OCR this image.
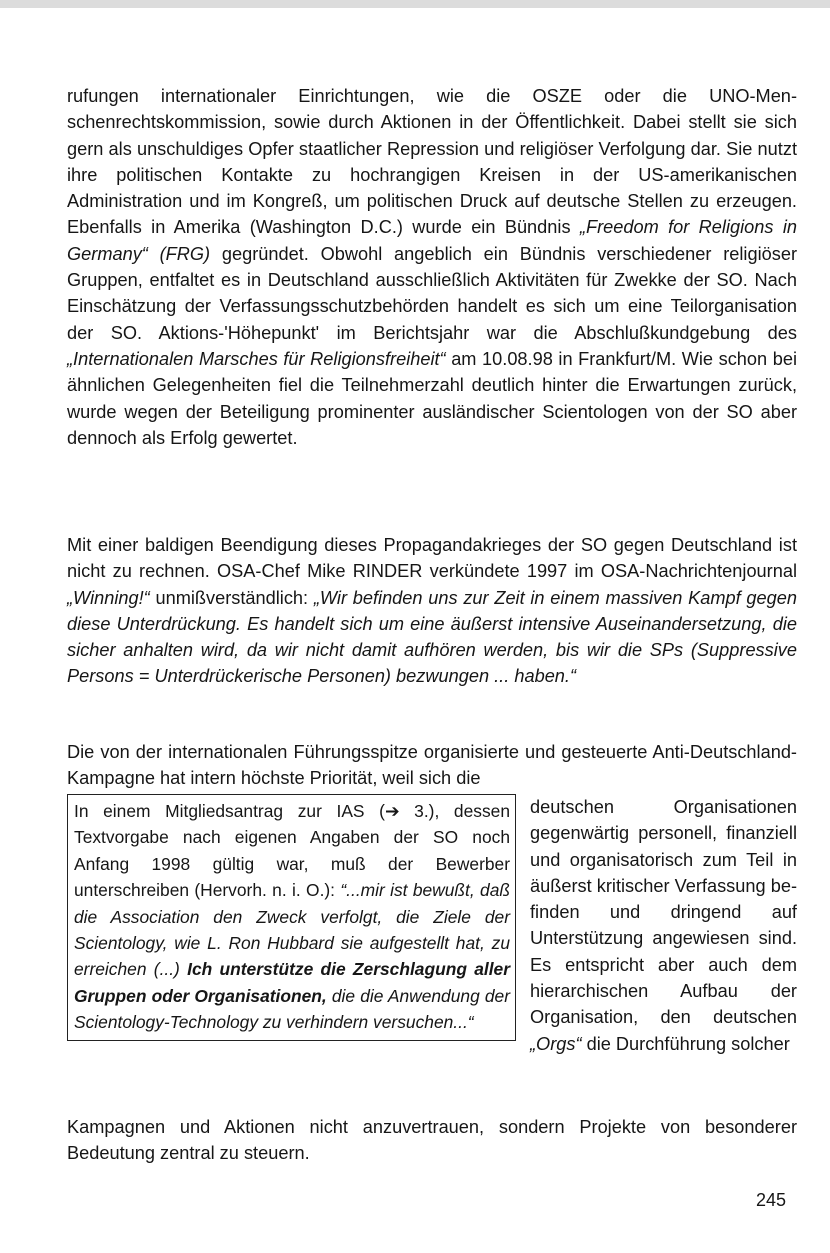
rufungen internationaler Einrichtungen, wie die OSZE oder die UNO-Menschenrechtskommission, sowie durch Aktionen in der Öffentlichkeit. Dabei stellt sie sich gern als unschuldiges Opfer staatlicher Repression und religiöser Verfolgung dar. Sie nutzt ihre politischen Kontakte zu hochrangigen Kreisen in der US-amerikanischen Administration und im Kongreß, um politischen Druck auf deutsche Stellen zu erzeugen. Ebenfalls in Amerika (Washington D.C.) wurde ein Bündnis „Freedom for Religions in Germany“ (FRG) gegründet. Obwohl angeblich ein Bündnis verschiedener religiöser Gruppen, entfaltet es in Deutschland ausschließlich Aktivitäten für Zwekke der SO. Nach Einschätzung der Verfassungsschutzbehörden handelt es sich um eine Teilorganisation der SO. Aktions-'Höhepunkt' im Berichtsjahr war die Abschlußkundgebung des „Internationalen Marsches für Religionsfreiheit“ am 10.08.98 in Frankfurt/M. Wie schon bei ähnlichen Gelegenheiten fiel die Teilnehmerzahl deutlich hinter die Erwartungen zurück, wurde wegen der Beteiligung prominenter ausländischer Scientologen von der SO aber dennoch als Erfolg gewertet.

Mit einer baldigen Beendigung dieses Propagandakrieges der SO gegen Deutschland ist nicht zu rechnen. OSA-Chef Mike RINDER verkündete 1997 im OSA-Nachrichtenjournal „Winning!“ unmißverständlich: „Wir befinden uns zur Zeit in einem massiven Kampf gegen diese Unterdrückung. Es handelt sich um eine äußerst intensive Auseinandersetzung, die sicher anhalten wird, da wir nicht damit aufhören werden, bis wir die SPs (Suppressive Persons = Unterdrückerische Personen) bezwungen ... haben.“

Die von der internationalen Führungsspitze organisierte und gesteuerte Anti-Deutschland-Kampagne hat intern höchste Priorität, weil sich die

In einem Mitgliedsantrag zur IAS (➔ 3.), dessen Textvorgabe nach eigenen Angaben der SO noch Anfang 1998 gültig war, muß der Bewerber unterschreiben (Hervorh. n. i. O.): “...mir ist bewußt, daß die Association den Zweck verfolgt, die Ziele der Scientology, wie L. Ron Hubbard sie aufgestellt hat, zu erreichen (...) Ich unterstütze die Zerschlagung aller Gruppen oder Organisationen, die die Anwendung der Scientology-Technology zu verhindern versuchen...“
deutschen Organisationen gegenwärtig personell, finanziell und organisatorisch zum Teil in äußerst kritischer Verfassung befinden und dringend auf Unterstützung angewiesen sind. Es entspricht aber auch dem hierarchischen Aufbau der Organisation, den deutschen „Orgs“ die Durchführung solcher

Kampagnen und Aktionen nicht anzuvertrauen, sondern Projekte von besonderer Bedeutung zentral zu steuern.

245
